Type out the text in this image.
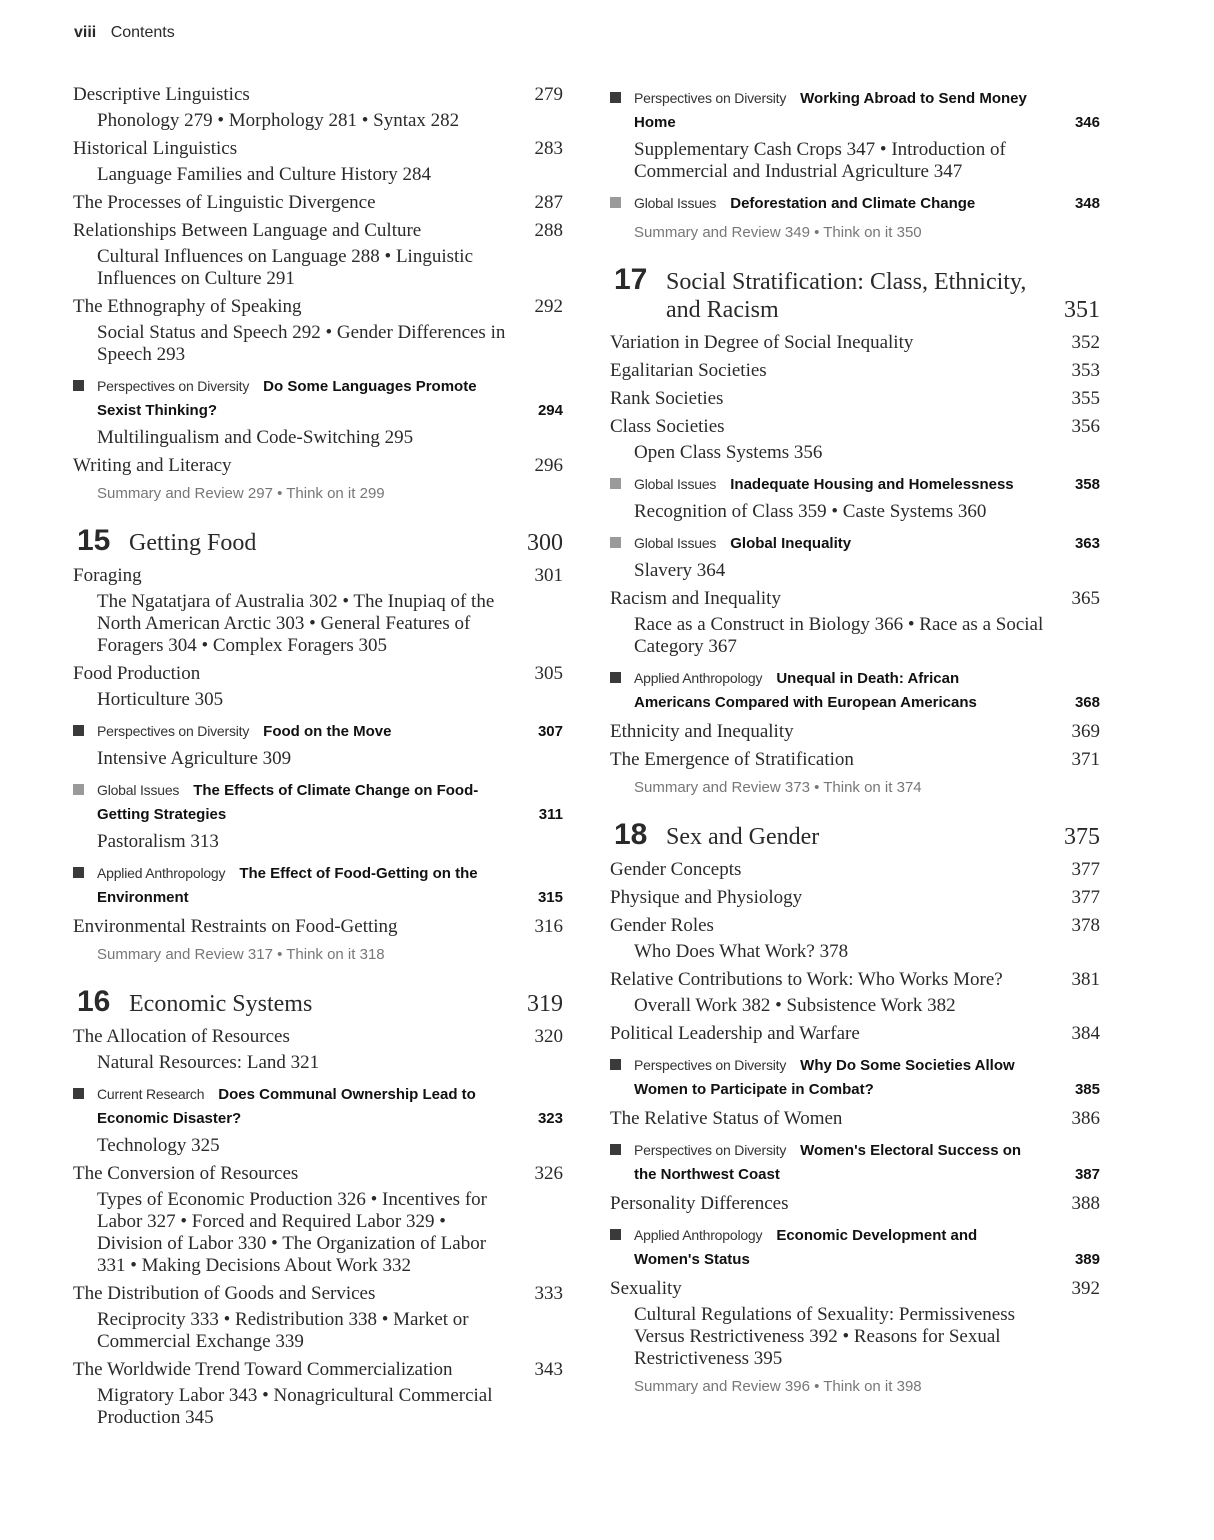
viii Contents
Descriptive Linguistics	279
Phonology 279 • Morphology 281 • Syntax 282
Historical Linguistics	283
Language Families and Culture History 284
The Processes of Linguistic Divergence	287
Relationships Between Language and Culture	288
Cultural Influences on Language 288 • Linguistic Influences on Culture 291
The Ethnography of Speaking	292
Social Status and Speech 292 • Gender Differences in Speech 293
Perspectives on Diversity Do Some Languages Promote Sexist Thinking?	294
Multilingualism and Code-Switching 295
Writing and Literacy	296
Summary and Review 297 • Think on it 299
15 Getting Food	300
Foraging	301
The Ngatatjara of Australia 302 • The Inupiaq of the North American Arctic 303 • General Features of Foragers 304 • Complex Foragers 305
Food Production	305
Horticulture 305
Perspectives on Diversity Food on the Move	307
Intensive Agriculture 309
Global Issues The Effects of Climate Change on Food-Getting Strategies	311
Pastoralism 313
Applied Anthropology The Effect of Food-Getting on the Environment	315
Environmental Restraints on Food-Getting	316
Summary and Review 317 • Think on it 318
16 Economic Systems	319
The Allocation of Resources	320
Natural Resources: Land 321
Current Research Does Communal Ownership Lead to Economic Disaster?	323
Technology 325
The Conversion of Resources	326
Types of Economic Production 326 • Incentives for Labor 327 • Forced and Required Labor 329 • Division of Labor 330 • The Organization of Labor 331 • Making Decisions About Work 332
The Distribution of Goods and Services	333
Reciprocity 333 • Redistribution 338 • Market or Commercial Exchange 339
The Worldwide Trend Toward Commercialization	343
Migratory Labor 343 • Nonagricultural Commercial Production 345
Perspectives on Diversity Working Abroad to Send Money Home	346
Supplementary Cash Crops 347 • Introduction of Commercial and Industrial Agriculture 347
Global Issues Deforestation and Climate Change	348
Summary and Review 349 • Think on it 350
17 Social Stratification: Class, Ethnicity, and Racism	351
Variation in Degree of Social Inequality	352
Egalitarian Societies	353
Rank Societies	355
Class Societies	356
Open Class Systems 356
Global Issues Inadequate Housing and Homelessness	358
Recognition of Class 359 • Caste Systems 360
Global Issues Global Inequality	363
Slavery 364
Racism and Inequality	365
Race as a Construct in Biology 366 • Race as a Social Category 367
Applied Anthropology Unequal in Death: African Americans Compared with European Americans	368
Ethnicity and Inequality	369
The Emergence of Stratification	371
Summary and Review 373 • Think on it 374
18 Sex and Gender	375
Gender Concepts	377
Physique and Physiology	377
Gender Roles	378
Who Does What Work? 378
Relative Contributions to Work: Who Works More?	381
Overall Work 382 • Subsistence Work 382
Political Leadership and Warfare	384
Perspectives on Diversity Why Do Some Societies Allow Women to Participate in Combat?	385
The Relative Status of Women	386
Perspectives on Diversity Women's Electoral Success on the Northwest Coast	387
Personality Differences	388
Applied Anthropology Economic Development and Women's Status	389
Sexuality	392
Cultural Regulations of Sexuality: Permissiveness Versus Restrictiveness 392 • Reasons for Sexual Restrictiveness 395
Summary and Review 396 • Think on it 398
